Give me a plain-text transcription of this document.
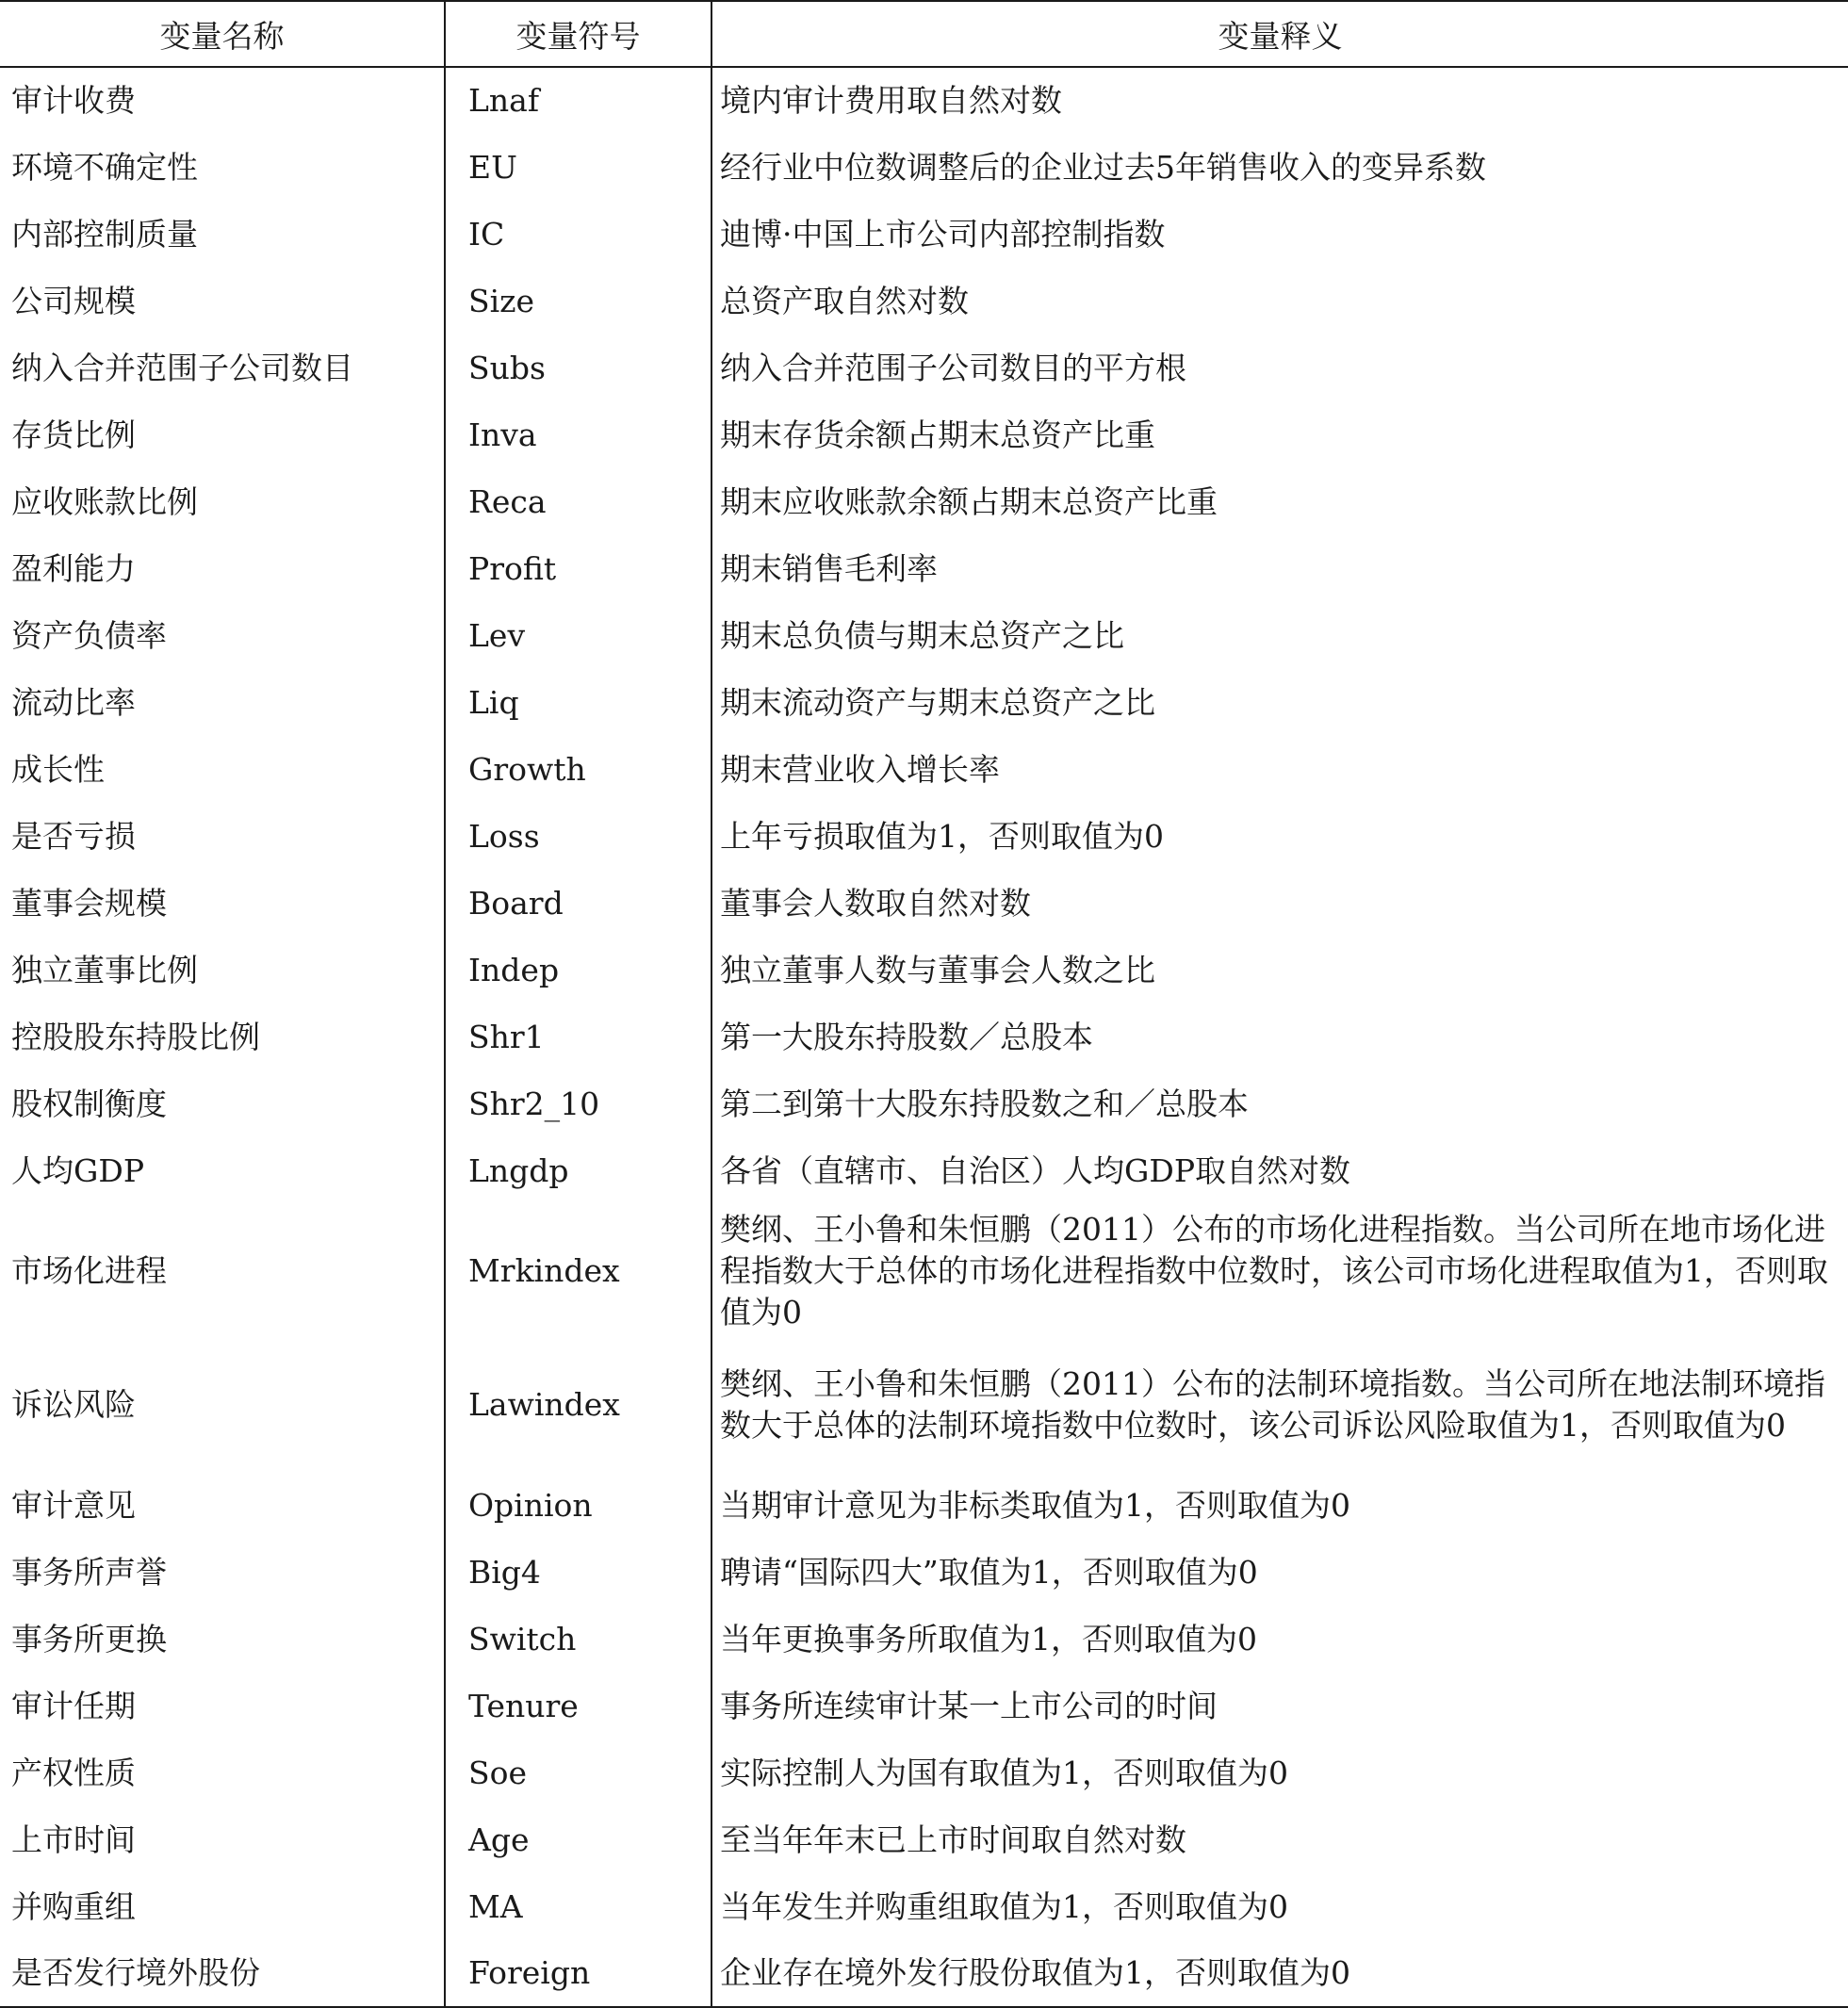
变量名称	变量符号	变量释义
审计收费	Lnaf	境内审计费用取自然对数
环境不确定性	EU	经行业中位数调整后的企业过去5年销售收入的变异系数
内部控制质量	IC	迪博·中国上市公司内部控制指数
公司规模	Size	总资产取自然对数
纳入合并范围子公司数目	Subs	纳入合并范围子公司数目的平方根
存货比例	Inva	期末存货余额占期末总资产比重
应收账款比例	Reca	期末应收账款余额占期末总资产比重
盈利能力	Profit	期末销售毛利率
资产负债率	Lev	期末总负债与期末总资产之比
流动比率	Liq	期末流动资产与期末总资产之比
成长性	Growth	期末营业收入增长率
是否亏损	Loss	上年亏损取值为1，否则取值为0
董事会规模	Board	董事会人数取自然对数
独立董事比例	Indep	独立董事人数与董事会人数之比
控股股东持股比例	Shr1	第一大股东持股数／总股本
股权制衡度	Shr2_10	第二到第十大股东持股数之和／总股本
人均GDP	Lngdp	各省（直辖市、自治区）人均GDP取自然对数
市场化进程	Mrkindex	樊纲、王小鲁和朱恒鹏（2011）公布的市场化进程指数。当公司所在地市场化进程指数大于总体的市场化进程指数中位数时，该公司市场化进程取值为1，否则取值为0
诉讼风险	Lawindex	樊纲、王小鲁和朱恒鹏（2011）公布的法制环境指数。当公司所在地法制环境指数大于总体的法制环境指数中位数时，该公司诉讼风险取值为1，否则取值为0
审计意见	Opinion	当期审计意见为非标类取值为1，否则取值为0
事务所声誉	Big4	聘请“国际四大”取值为1，否则取值为0
事务所更换	Switch	当年更换事务所取值为1，否则取值为0
审计任期	Tenure	事务所连续审计某一上市公司的时间
产权性质	Soe	实际控制人为国有取值为1，否则取值为0
上市时间	Age	至当年年末已上市时间取自然对数
并购重组	MA	当年发生并购重组取值为1，否则取值为0
是否发行境外股份	Foreign	企业存在境外发行股份取值为1，否则取值为0
